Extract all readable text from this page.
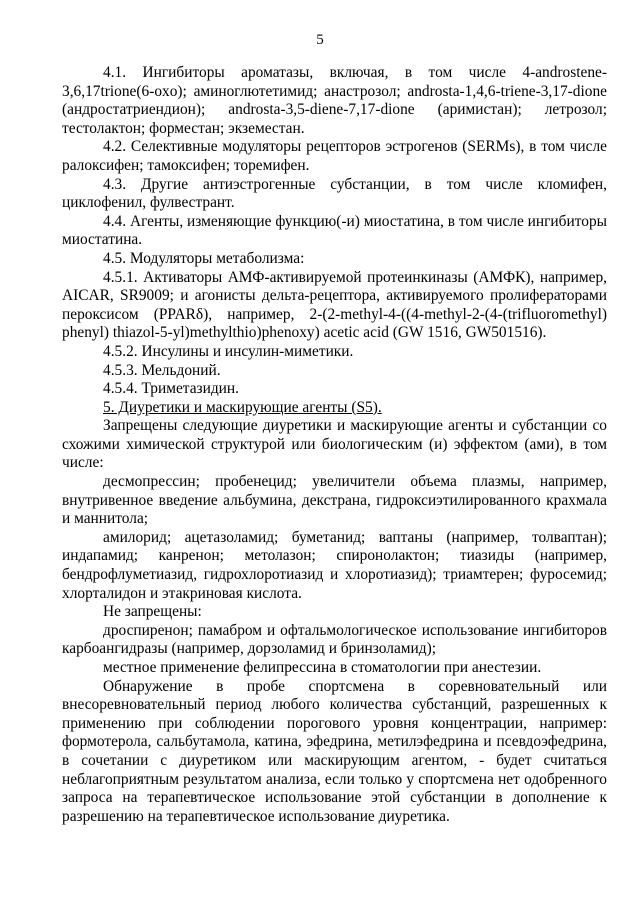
5

4.1. Ингибиторы ароматазы, включая, в том числе 4-androstene-3,6,17trione(6-oxo); аминоглютетимид; анастрозол; androsta-1,4,6-triene-3,17-dione (андростатриендион); androsta-3,5-diene-7,17-dione (аримистан); летрозол; тестолактон; форместан; экземестан.

4.2. Селективные модуляторы рецепторов эстрогенов (SERMs), в том числе ралоксифен; тамоксифен; торемифен.

4.3. Другие антиэстрогенные субстанции, в том числе кломифен, циклофенил, фулвестрант.

4.4. Агенты, изменяющие функцию(-и) миостатина, в том числе ингибиторы миостатина.

4.5. Модуляторы метаболизма:

4.5.1. Активаторы АМФ-активируемой протеинкиназы (АМФК), например, AICAR, SR9009; и агонисты дельта-рецептора, активируемого пролифераторами пероксисом (PPARδ), например, 2-(2-methyl-4-((4-methyl-2-(4-(trifluoromethyl) phenyl) thiazol-5-yl)methylthio)phenoxy) acetic acid (GW 1516, GW501516).

4.5.2. Инсулины и инсулин-миметики.

4.5.3. Мельдоний.

4.5.4. Триметазидин.

5. Диуретики и маскирующие агенты (S5).

Запрещены следующие диуретики и маскирующие агенты и субстанции со схожими химической структурой или биологическим (и) эффектом (ами), в том числе:

десмопрессин; пробенецид; увеличители объема плазмы, например, внутривенное введение альбумина, декстрана, гидроксиэтилированного крахмала и маннитола;

амилорид; ацетазоламид; буметанид; ваптаны (например, толваптан); индапамид; канренон; метолазон; спиронолактон; тиазиды (например, бендрофлуметиазид, гидрохлоротиазид и хлоротиазид); триамтерен; фуросемид; хлорталидон и этакриновая кислота.

Не запрещены:

дроспиренон; памабром и офтальмологическое использование ингибиторов карбоангидразы (например, дорзоламид и бринзоламид);

местное применение фелипрессина в стоматологии при анестезии.

Обнаружение в пробе спортсмена в соревновательный или внесоревновательный период любого количества субстанций, разрешенных к применению при соблюдении порогового уровня концентрации, например: формотерола, сальбутамола, катина, эфедрина, метилэфедрина и псевдоэфедрина, в сочетании с диуретиком или маскирующим агентом, - будет считаться неблагоприятным результатом анализа, если только у спортсмена нет одобренного запроса на терапевтическое использование этой субстанции в дополнение к разрешению на терапевтическое использование диуретика.
